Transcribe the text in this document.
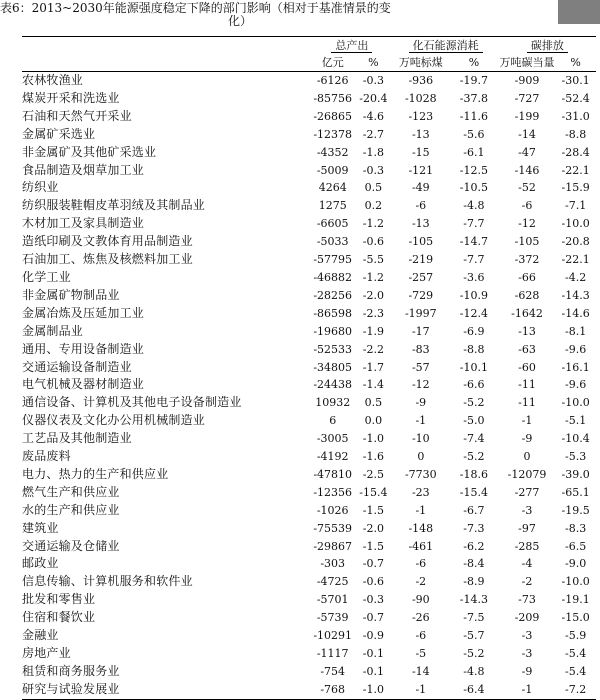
表6：2013~2030年能源强度稳定下降的部门影响（相对于基准情景的变
化）
	总产出		化石能源消耗		碳排放	
	亿元	%	万吨标煤	%	万吨碳当量	%
农林牧渔业	-6126	-0.3	-936	-19.7	-909	-30.1
煤炭开采和洗选业	-85756	-20.4	-1028	-37.8	-727	-52.4
石油和天然气开采业	-26865	-4.6	-123	-11.6	-199	-31.0
金属矿采选业	-12378	-2.7	-13	-5.6	-14	-8.8
非金属矿及其他矿采选业	-4352	-1.8	-15	-6.1	-47	-28.4
食品制造及烟草加工业	-5009	-0.3	-121	-12.5	-146	-22.1
纺织业	4264	0.5	-49	-10.5	-52	-15.9
纺织服装鞋帽皮革羽绒及其制品业	1275	0.2	-6	-4.8	-6	-7.1
木材加工及家具制造业	-6605	-1.2	-13	-7.7	-12	-10.0
造纸印刷及文教体育用品制造业	-5033	-0.6	-105	-14.7	-105	-20.8
石油加工、炼焦及核燃料加工业	-57795	-5.5	-219	-7.7	-372	-22.1
化学工业	-46882	-1.2	-257	-3.6	-66	-4.2
非金属矿物制品业	-28256	-2.0	-729	-10.9	-628	-14.3
金属冶炼及压延加工业	-86598	-2.3	-1997	-12.4	-1642	-14.6
金属制品业	-19680	-1.9	-17	-6.9	-13	-8.1
通用、专用设备制造业	-52533	-2.2	-83	-8.8	-63	-9.6
交通运输设备制造业	-34805	-1.7	-57	-10.1	-60	-16.1
电气机械及器材制造业	-24438	-1.4	-12	-6.6	-11	-9.6
通信设备、计算机及其他电子设备制造业	10932	0.5	-9	-5.2	-11	-10.0
仪器仪表及文化办公用机械制造业	6	0.0	-1	-5.0	-1	-5.1
工艺品及其他制造业	-3005	-1.0	-10	-7.4	-9	-10.4
废品废料	-4192	-1.6	0	-5.2	0	-5.3
电力、热力的生产和供应业	-47810	-2.5	-7730	-18.6	-12079	-39.0
燃气生产和供应业	-12356	-15.4	-23	-15.4	-277	-65.1
水的生产和供应业	-1026	-1.5	-1	-6.7	-3	-19.5
建筑业	-75539	-2.0	-148	-7.3	-97	-8.3
交通运输及仓储业	-29867	-1.5	-461	-6.2	-285	-6.5
邮政业	-303	-0.7	-6	-8.4	-4	-9.0
信息传输、计算机服务和软件业	-4725	-0.6	-2	-8.9	-2	-10.0
批发和零售业	-5701	-0.3	-90	-14.3	-73	-19.1
住宿和餐饮业	-5739	-0.7	-26	-7.5	-209	-15.0
金融业	-10291	-0.9	-6	-5.7	-3	-5.9
房地产业	-1117	-0.1	-5	-5.2	-3	-5.4
租赁和商务服务业	-754	-0.1	-14	-4.8	-9	-5.4
研究与试验发展业	-768	-1.0	-1	-6.4	-1	-7.2
